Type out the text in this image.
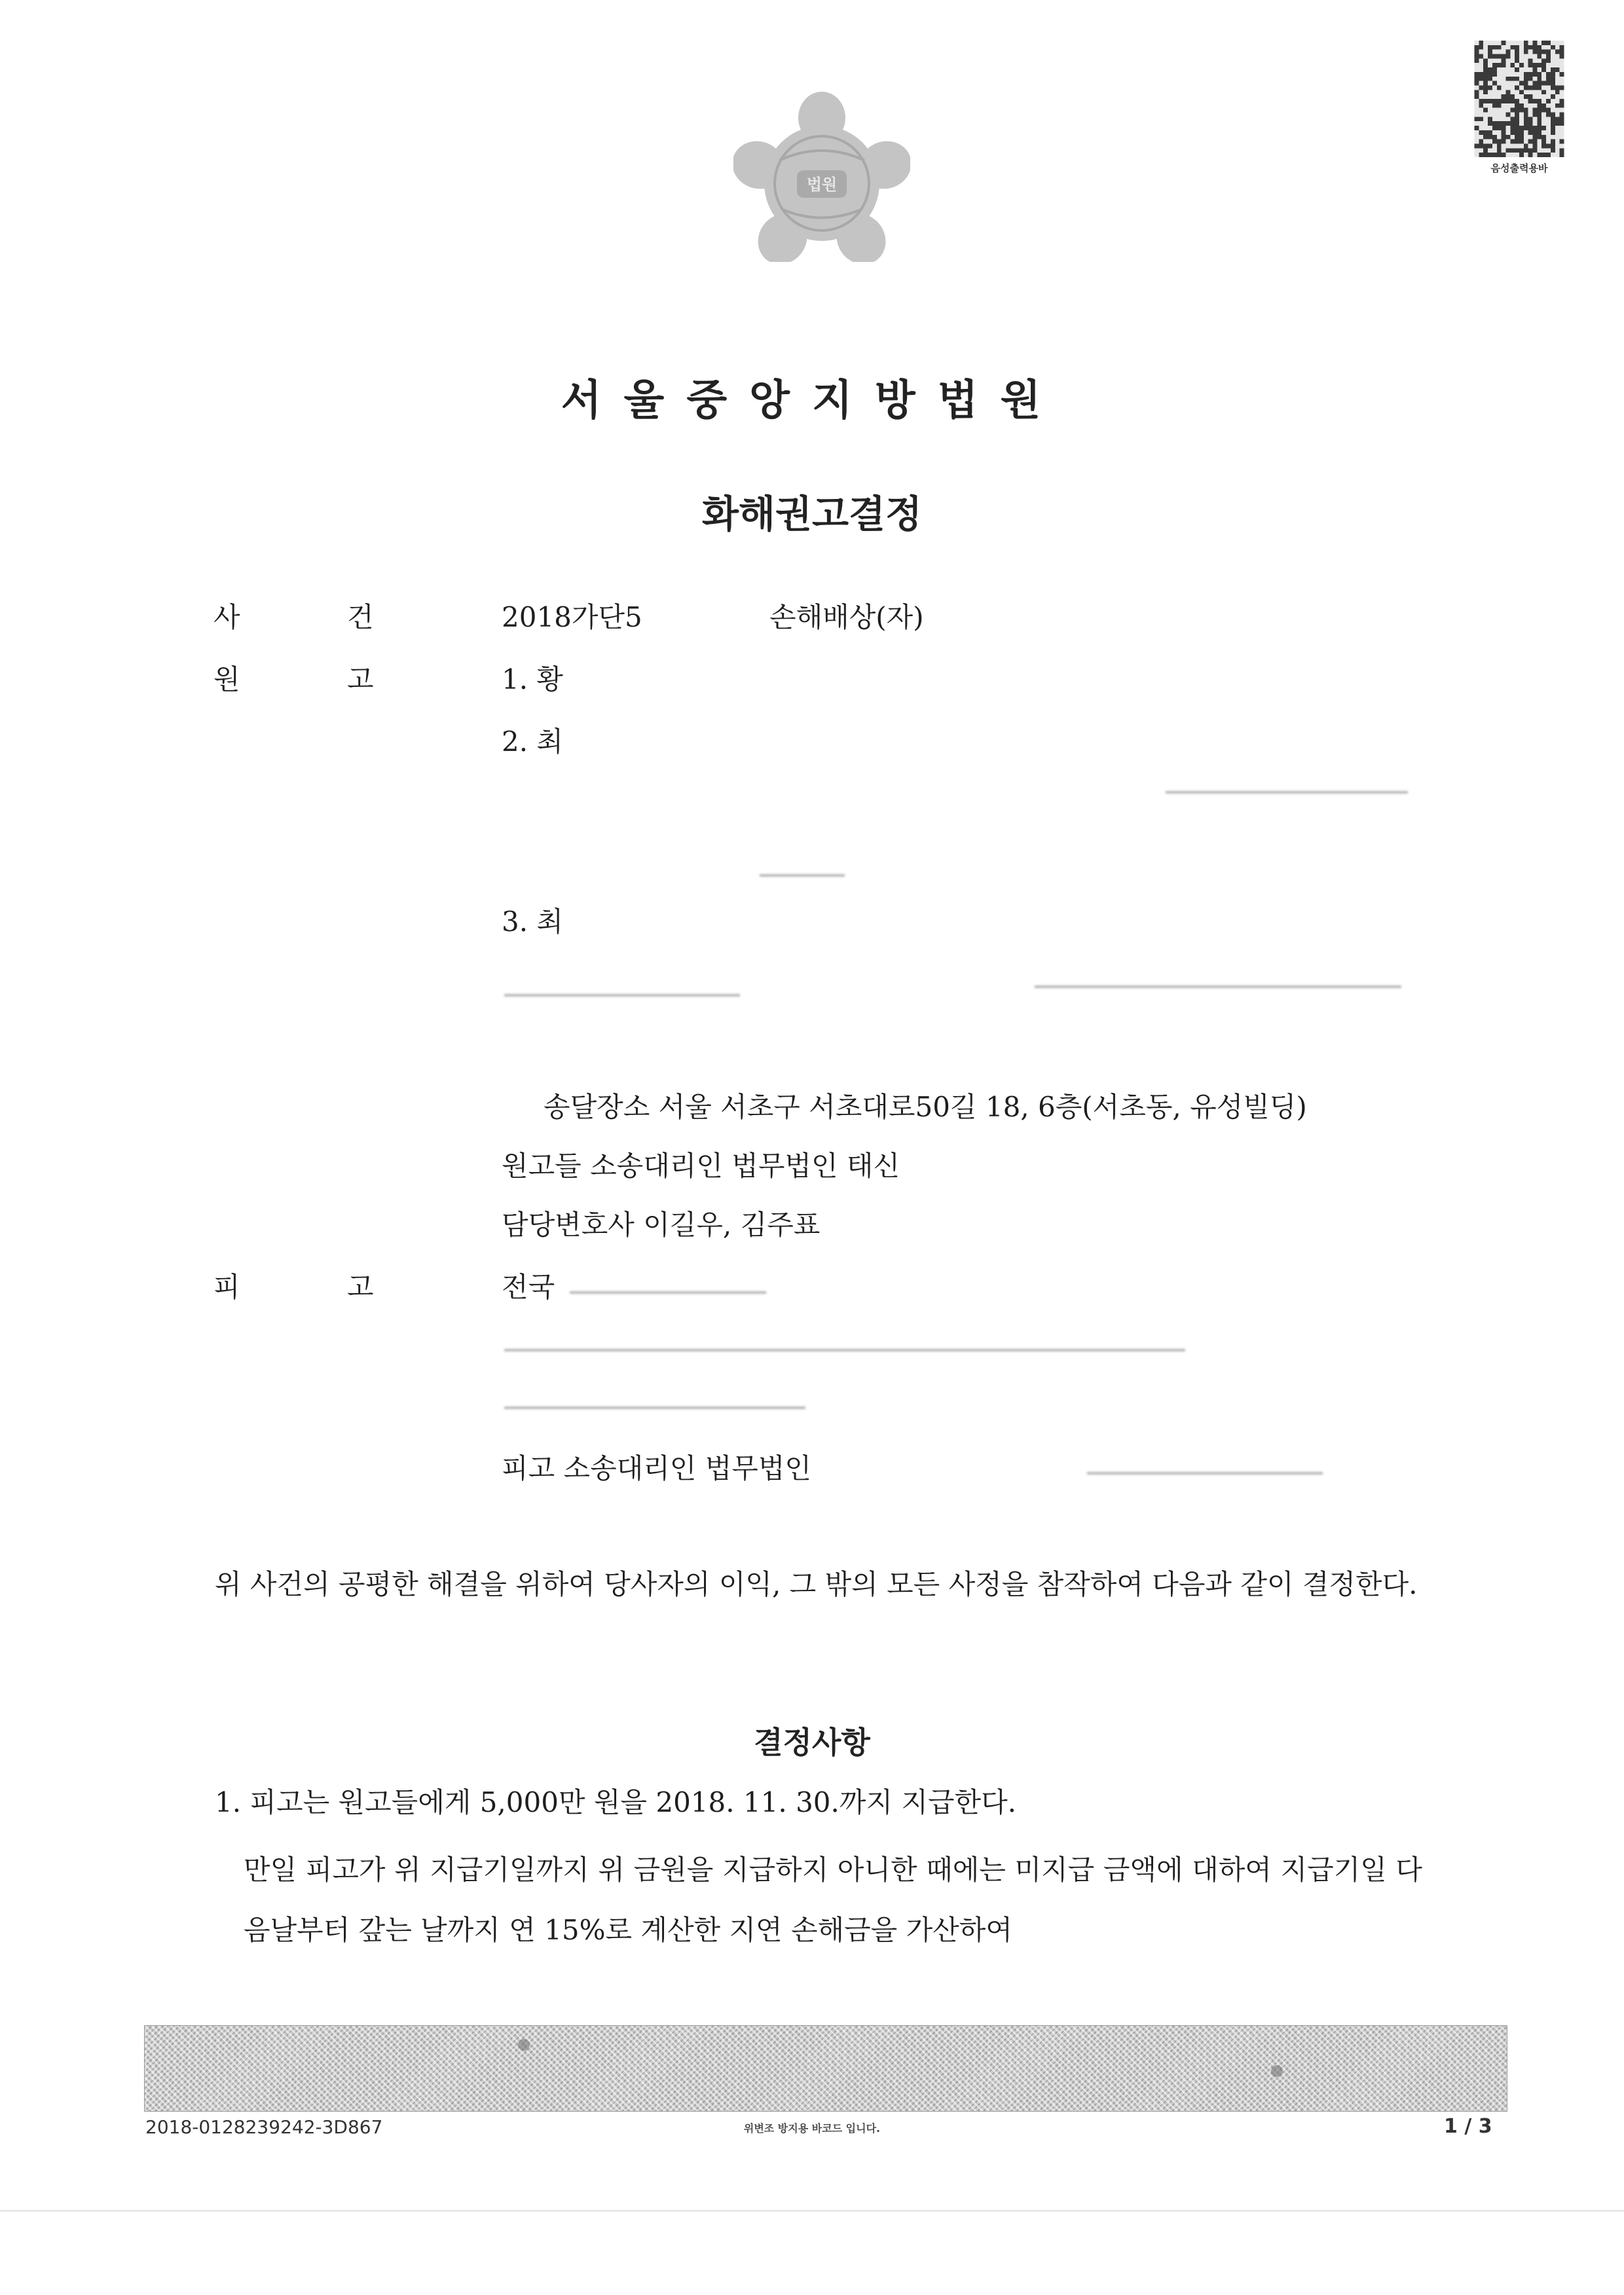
법원
음성출력용바
서울중앙지방법원
화해권고결정
사	건	2018가단5	손해배상(자)
원	고	1. 황
2. 최
3. 최
송달장소 서울 서초구 서초대로50길 18, 6층(서초동, 유성빌딩)
원고들 소송대리인 법무법인 태신
담당변호사 이길우, 김주표
피	고	전국
피고 소송대리인 법무법인
위 사건의 공평한 해결을 위하여 당사자의 이익, 그 밖의 모든 사정을 참작하여 다음과 같이 결정한다.
결정사항
1. 피고는 원고들에게 5,000만 원을 2018. 11. 30.까지 지급한다.
만일 피고가 위 지급기일까지 위 금원을 지급하지 아니한 때에는 미지급 금액에 대하여 지급기일 다음날부터 갚는 날까지 연 15%로 계산한 지연 손해금을 가산하여
2018-0128239242-3D867	위변조 방지용 바코드 입니다.	1 / 3
